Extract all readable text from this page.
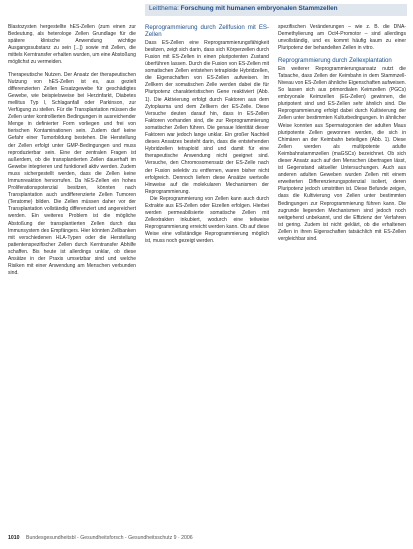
Leitthema: Forschung mit humanen embryonalen Stammzellen

Blastozysten hergestellte hES-Zellen (zum einen zur Bedeutung, als heterologe Zellen Grundlage für die spätere klinische Anwendung wichtige Ausgangssubstanz zu sein [...]) sowie mit Zellen, die mittels Kerntransfer erhalten wurden, um eine Abstoßung möglichst zu vermeiden.

Therapeutische Nutzen. Der Ansatz der therapeutischen Nutzung von hES-Zellen ist es, aus gezielt differenzierten Zellen Ersatzgewebe für geschädigtes Gewebe, wie beispielsweise bei Herzinfarkt, Diabetes mellitus Typ I, Schlaganfall oder Parkinson, zur Verfügung zu stellen. Für die Transplantation müssen die Zellen unter kontrollierten Bedingungen in ausreichender Menge in definierter Form vorliegen und frei von tierischen Kontaminationen sein. Zudem darf keine Gefahr einer Tumorbildung bestehen. Die Herstellung der Zellen erfolgt unter GMP-Bedingungen und muss reproduzierbar sein. Eine der zentralen Fragen ist außerdem, ob die transplantierten Zellen dauerhaft im Gewebe integrieren und funktionell aktiv werden. Zudem muss sichergestellt werden, dass die Zellen keine Immunreaktion hervorrufen. Da hES-Zellen ein hohes Proliferationspotenzial besitzen, könnten nach Transplantation auch undifferenzierte Zellen Tumoren (Teratome) bilden. Die Zellen müssen daher vor der Transplantation vollständig differenziert und angereichert werden. Ein weiteres Problem ist die mögliche Abstoßung der transplantierten Zellen durch das Immunsystem des Empfängers. Hier könnten Zellbanken mit verschiedenen HLA-Typen oder die Herstellung patientenspezifischer Zellen durch Kerntransfer Abhilfe schaffen. Bis heute ist allerdings unklar, ob diese Ansätze in der Praxis umsetzbar sind und welche Risiken mit einer Anwendung am Menschen verbunden sind.

Reprogrammierung durch Zellfusion mit ES-Zellen

Dass ES-Zellen eine Reprogrammierungsfähigkeit besitzen, zeigt sich darin, dass sich Körperzellen durch Fusion mit ES-Zellen in einen pluripotenten Zustand überführen lassen. Durch die Fusion von ES-Zellen mit somatischen Zellen entstehen tetraploide Hybridzellen, die Eigenschaften von ES-Zellen aufweisen. Im Zellkern der somatischen Zelle werden dabei die für Pluripotenz charakteristischen Gene reaktiviert (Abb. 1). Die Aktivierung erfolgt durch Faktoren aus dem Zytoplasma und dem Zellkern der ES-Zelle. Diese Versuche deuten darauf hin, dass in ES-Zellen Faktoren vorhanden sind, die zur Reprogrammierung somatischer Zellen führen. Die genaue Identität dieser Faktoren war jedoch lange unklar. Ein großer Nachteil dieses Ansatzes besteht darin, dass die entstehenden Hybridzellen tetraploid sind und damit für eine therapeutische Anwendung nicht geeignet sind. Versuche, den Chromosomensatz der ES-Zelle nach der Fusion selektiv zu entfernen, waren bisher nicht erfolgreich. Dennoch liefern diese Ansätze wertvolle Hinweise auf die molekularen Mechanismen der Reprogrammierung.

Die Reprogrammierung von Zellen kann auch durch Extrakte aus ES-Zellen oder Eizellen erfolgen. Hierbei werden permeabilisierte somatische Zellen mit Zellextrakten inkubiert, wodurch eine teilweise Reprogrammierung erreicht werden kann. Ob auf diese Weise eine vollständige Reprogrammierung möglich ist, muss noch gezeigt werden.

spezifischen Veränderungen – wie z. B. die DNA-Demethylierung am Oct4-Promotor – sind allerdings unvollständig, und es kommt häufig kaum zu einer Pluripotenz der behandelten Zellen in vitro.

Reprogrammierung durch Zellexplantation

Ein weiterer Reprogrammierungsansatz nutzt die Tatsache, dass Zellen der Keimbahn in dem Stammzell-Niveau von ES-Zellen ähnliche Eigenschaften aufweisen. So lassen sich aus primordialen Keimzellen (PGCs) embryonale Keimzellen (EG-Zellen) gewinnen, die pluripotent sind und ES-Zellen sehr ähnlich sind. Die Reprogrammierung erfolgt dabei durch Kultivierung der Zellen unter bestimmten Kulturbedingungen. In ähnlicher Weise konnten aus Spermatogonien der adulten Maus pluripotente Zellen gewonnen werden, die sich in Chimären an der Keimbahn beteiligen (Abb. 1). Diese Zellen werden als multipotente adulte Keimbahnstammzellen (maGSCs) bezeichnet. Ob sich dieser Ansatz auch auf den Menschen übertragen lässt, ist Gegenstand aktueller Untersuchungen. Auch aus anderen adulten Geweben wurden Zellen mit einem erweiterten Differenzierungspotenzial isoliert, deren Pluripotenz jedoch umstritten ist. Diese Befunde zeigen, dass die Kultivierung von Zellen unter bestimmten Bedingungen zur Reprogrammierung führen kann. Die zugrunde liegenden Mechanismen sind jedoch noch weitgehend unbekannt, und die Effizienz der Verfahren ist gering. Zudem ist nicht geklärt, ob die erhaltenen Zellen in ihren Eigenschaften tatsächlich mit ES-Zellen vergleichbar sind.

1010 Bundesgesundheitsbl - Gesundheitsforsch - Gesundheitsschutz 9 · 2006
